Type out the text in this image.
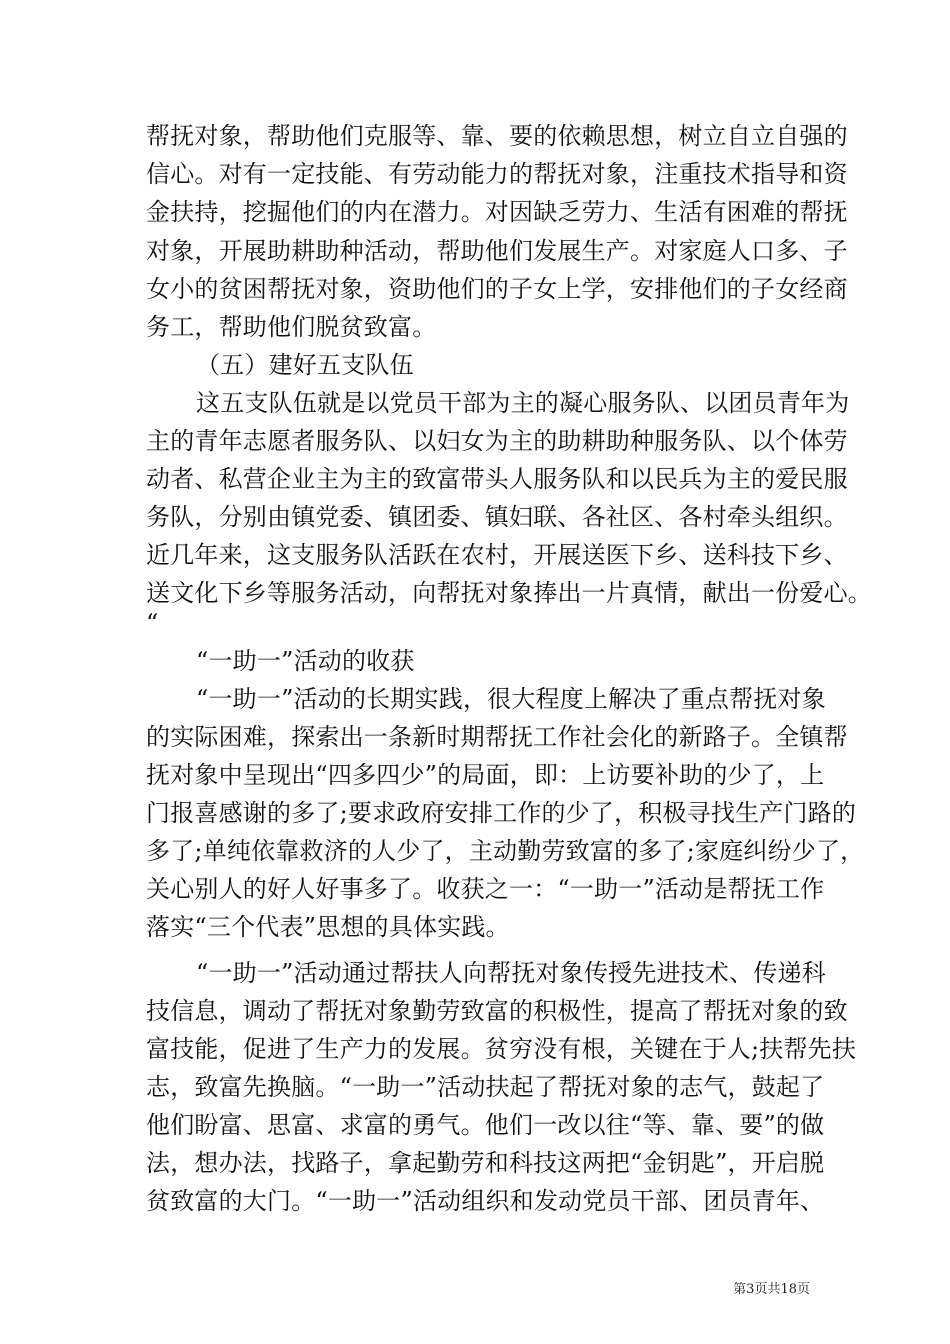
帮抚对象，帮助他们克服等、靠、要的依赖思想，树立自立自强的
信心。对有一定技能、有劳动能力的帮抚对象，注重技术指导和资
金扶持，挖掘他们的内在潜力。对因缺乏劳力、生活有困难的帮抚
对象，开展助耕助种活动，帮助他们发展生产。对家庭人口多、子
女小的贫困帮抚对象，资助他们的子女上学，安排他们的子女经商
务工，帮助他们脱贫致富。
（五）建好五支队伍
这五支队伍就是以党员干部为主的凝心服务队、以团员青年为
主的青年志愿者服务队、以妇女为主的助耕助种服务队、以个体劳
动者、私营企业主为主的致富带头人服务队和以民兵为主的爱民服
务队，分别由镇党委、镇团委、镇妇联、各社区、各村牵头组织。
近几年来，这支服务队活跃在农村，开展送医下乡、送科技下乡、
送文化下乡等服务活动，向帮抚对象捧出一片真情，献出一份爱心。
“
“一助一”活动的收获
“一助一”活动的长期实践，很大程度上解决了重点帮抚对象
的实际困难，探索出一条新时期帮抚工作社会化的新路子。全镇帮
抚对象中呈现出“四多四少”的局面，即：上访要补助的少了，上
门报喜感谢的多了;要求政府安排工作的少了，积极寻找生产门路的
多了;单纯依靠救济的人少了，主动勤劳致富的多了;家庭纠纷少了，
关心别人的好人好事多了。收获之一：“一助一”活动是帮抚工作
落实“三个代表”思想的具体实践。
“一助一”活动通过帮扶人向帮抚对象传授先进技术、传递科
技信息，调动了帮抚对象勤劳致富的积极性，提高了帮抚对象的致
富技能，促进了生产力的发展。贫穷没有根，关键在于人;扶帮先扶
志，致富先换脑。“一助一”活动扶起了帮抚对象的志气，鼓起了
他们盼富、思富、求富的勇气。他们一改以往“等、靠、要”的做
法，想办法，找路子，拿起勤劳和科技这两把“金钥匙”，开启脱
贫致富的大门。“一助一”活动组织和发动党员干部、团员青年、
第3页共18页
